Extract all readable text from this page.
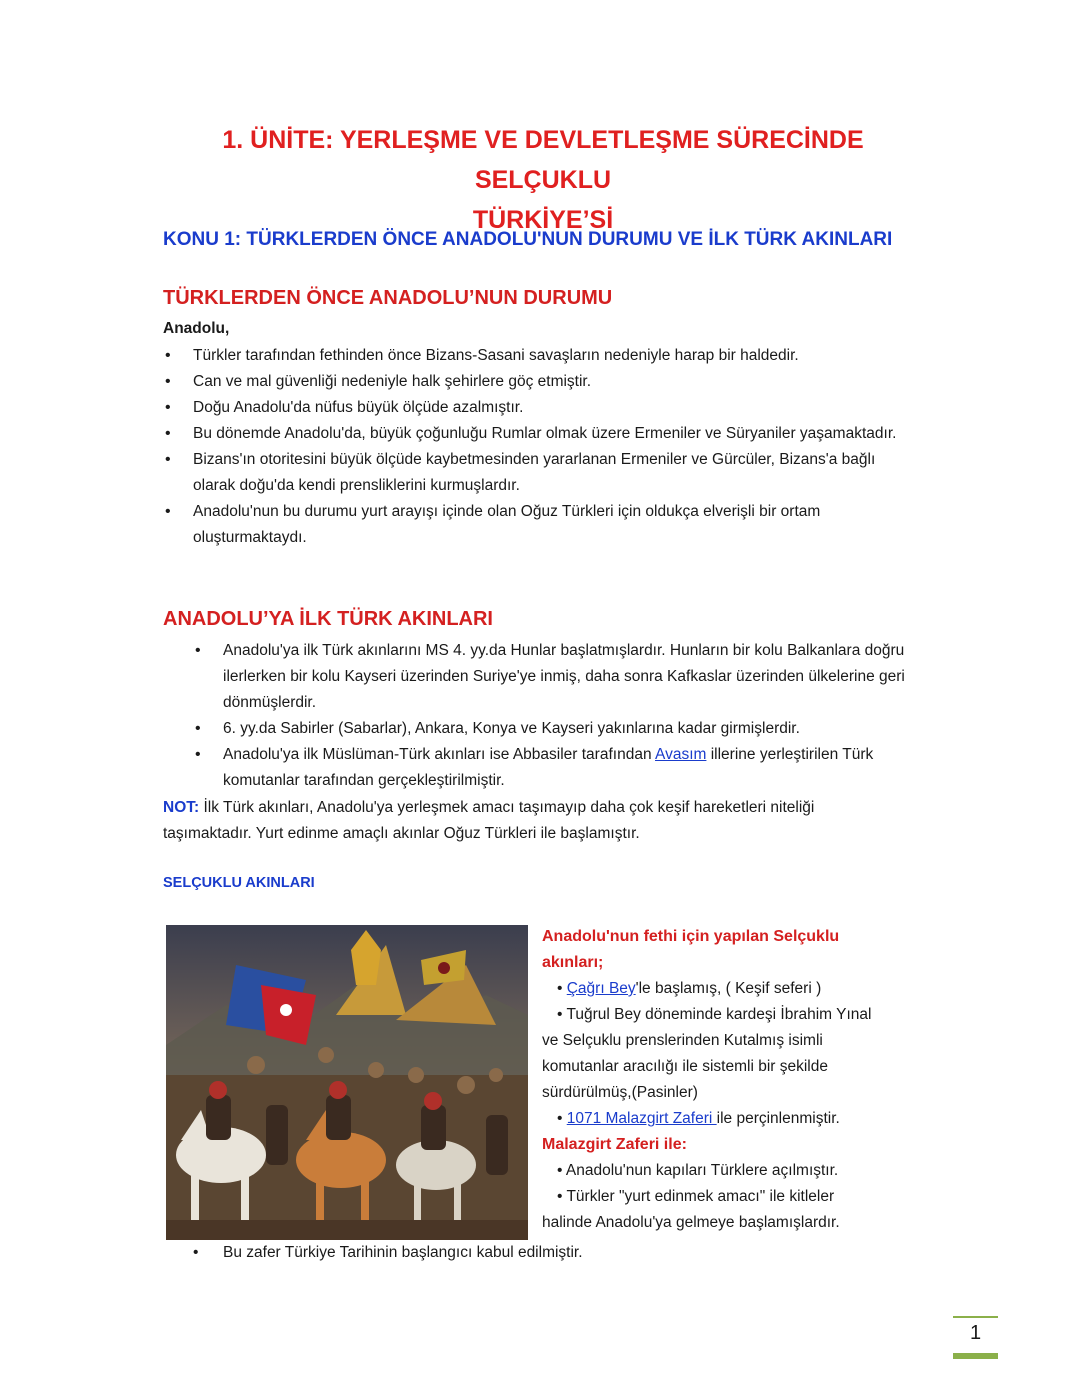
1. ÜNİTE: YERLEŞME VE DEVLETLEŞME SÜRECİNDE SELÇUKLU
TÜRKİYE’Sİ
KONU 1: TÜRKLERDEN ÖNCE ANADOLU'NUN DURUMU VE İLK TÜRK AKINLARI
TÜRKLERDEN ÖNCE ANADOLU’NUN DURUMU
Anadolu,
• Türkler tarafından fethinden önce Bizans-Sasani savaşların nedeniyle harap bir haldedir.
• Can ve mal güvenliği nedeniyle halk şehirlere göç etmiştir.
• Doğu Anadolu'da nüfus büyük ölçüde azalmıştır.
• Bu dönemde Anadolu'da, büyük çoğunluğu Rumlar olmak üzere Ermeniler ve Süryaniler yaşamaktadır.
• Bizans'ın otoritesini büyük ölçüde kaybetmesinden yararlanan Ermeniler ve Gürcüler, Bizans'a bağlı olarak doğu'da kendi prensliklerini kurmuşlardır.
• Anadolu'nun bu durumu yurt arayışı içinde olan Oğuz Türkleri için oldukça elverişli bir ortam oluşturmaktaydı.
ANADOLU’YA İLK TÜRK AKINLARI
• Anadolu'ya ilk Türk akınlarını MS 4. yy.da Hunlar başlatmışlardır. Hunların bir kolu Balkanlara doğru ilerlerken bir kolu Kayseri üzerinden Suriye'ye inmiş, daha sonra Kafkaslar üzerinden ülkelerine geri dönmüşlerdir.
• 6. yy.da Sabirler (Sabarlar), Ankara, Konya ve Kayseri yakınlarına kadar girmişlerdir.
• Anadolu'ya ilk Müslüman-Türk akınları ise Abbasiler tarafından Avasım illerine yerleştirilen Türk komutanlar tarafından gerçekleştirilmiştir.
NOT: İlk Türk akınları, Anadolu'ya yerleşmek amacı taşımayıp daha çok keşif hareketleri niteliği taşımaktadır. Yurt edinme amaçlı akınlar Oğuz Türkleri ile başlamıştır.
SELÇUKLU AKINLARI
Anadolu'nun fethi için yapılan Selçuklu akınları;
• Çağrı Bey'le başlamış, ( Keşif seferi )
• Tuğrul Bey döneminde kardeşi İbrahim Yınal ve Selçuklu prenslerinden Kutalmış isimli komutanlar aracılığı ile sistemli bir şekilde sürdürülmüş,(Pasinler)
• 1071 Malazgirt Zaferi ile perçinlenmiştir.
Malazgirt Zaferi ile:
• Anadolu'nun kapıları Türklere açılmıştır.
• Türkler "yurt edinmek amacı" ile kitleler halinde Anadolu'ya gelmeye başlamışlardır.
• Bu zafer Türkiye Tarihinin başlangıcı kabul edilmiştir.
1
